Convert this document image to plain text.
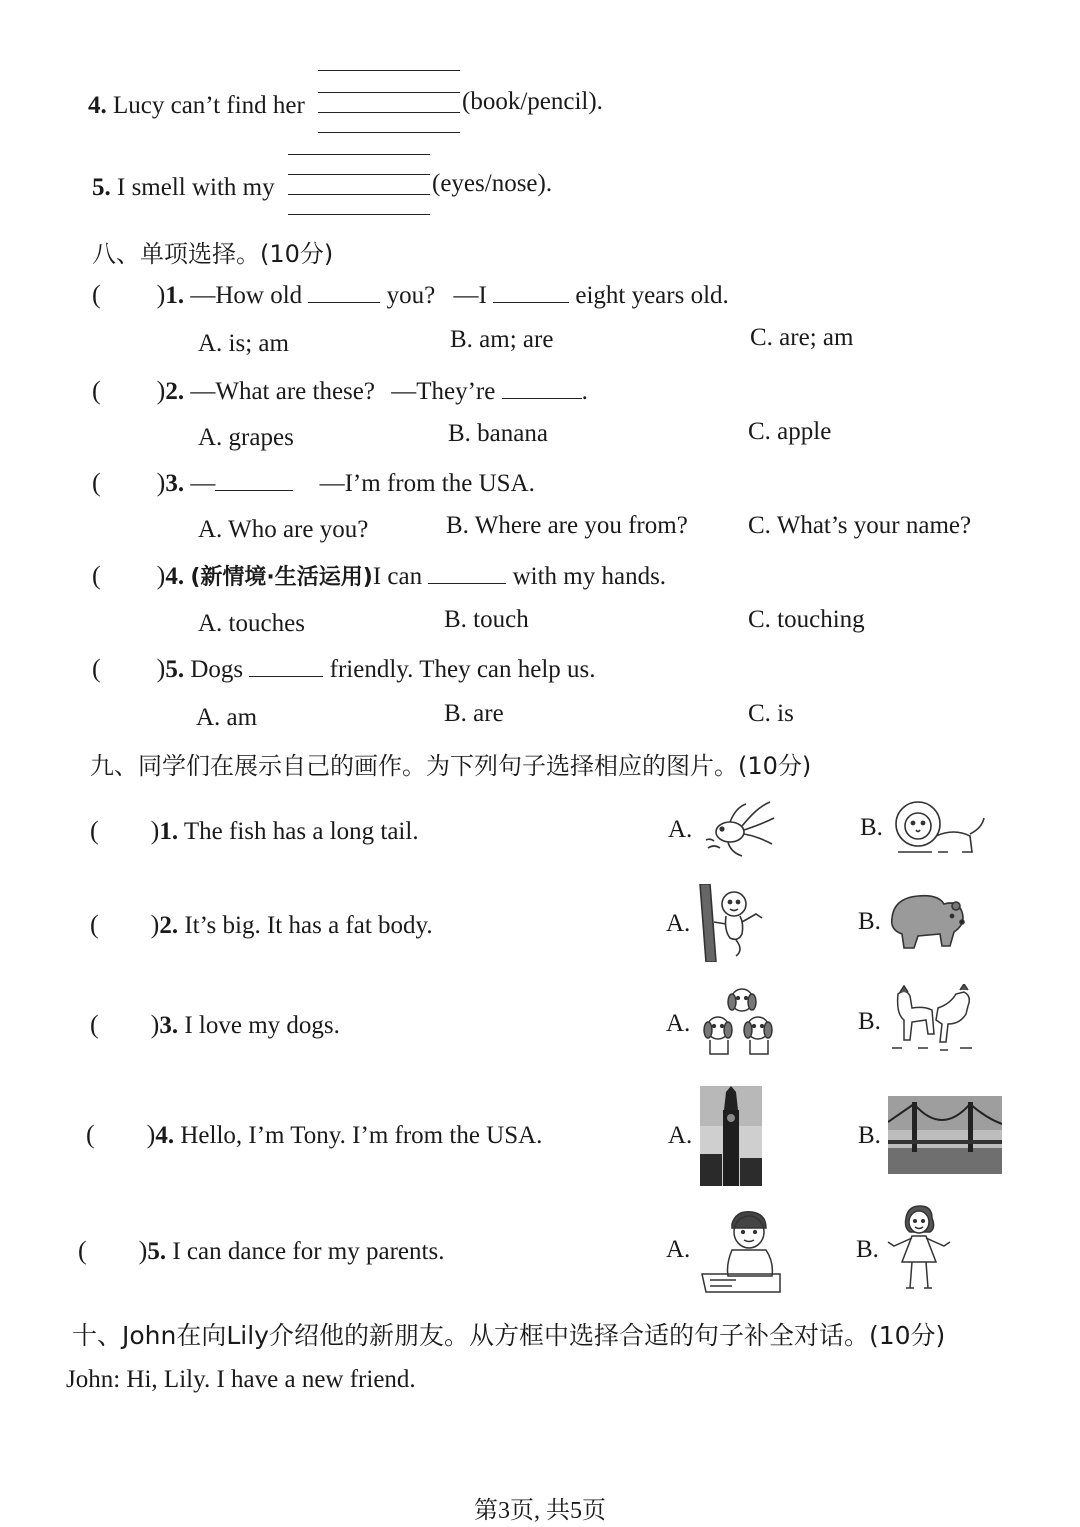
4. Lucy can’t find her	(book/pencil).
5. I smell with my	(eyes/nose).
八、单项选择。(10分)
( )1. —How old	you? —I	eight years old.
A. is; am	B. am; are	C. are; am
( )2. —What are these? —They’re	.
A. grapes	B. banana	C. apple
( )3. —	—I’m from the USA.
A. Who are you?	B. Where are you from? C. What’s your name?
( )4. (新情境·生活运用)I can	with my hands.
A. touches	B. touch	C. touching
( )5. Dogs	friendly. They can help us.
A. am	B. are	C. is
九、同学们在展示自己的画作。为下列句子选择相应的图片。(10分)
( )1. The fish has a long tail.	A.	B.
( )2. It’s big. It has a fat body.	A.	B.
( )3. I love my dogs.	A.	B.
( )4. Hello, I’m Tony. I’m from the USA.	A.	B.
( )5. I can dance for my parents.	A.	B.
十、John在向Lily介绍他的新朋友。从方框中选择合适的句子补全对话。(10分)
John: Hi, Lily. I have a new friend.
第3页, 共5页
